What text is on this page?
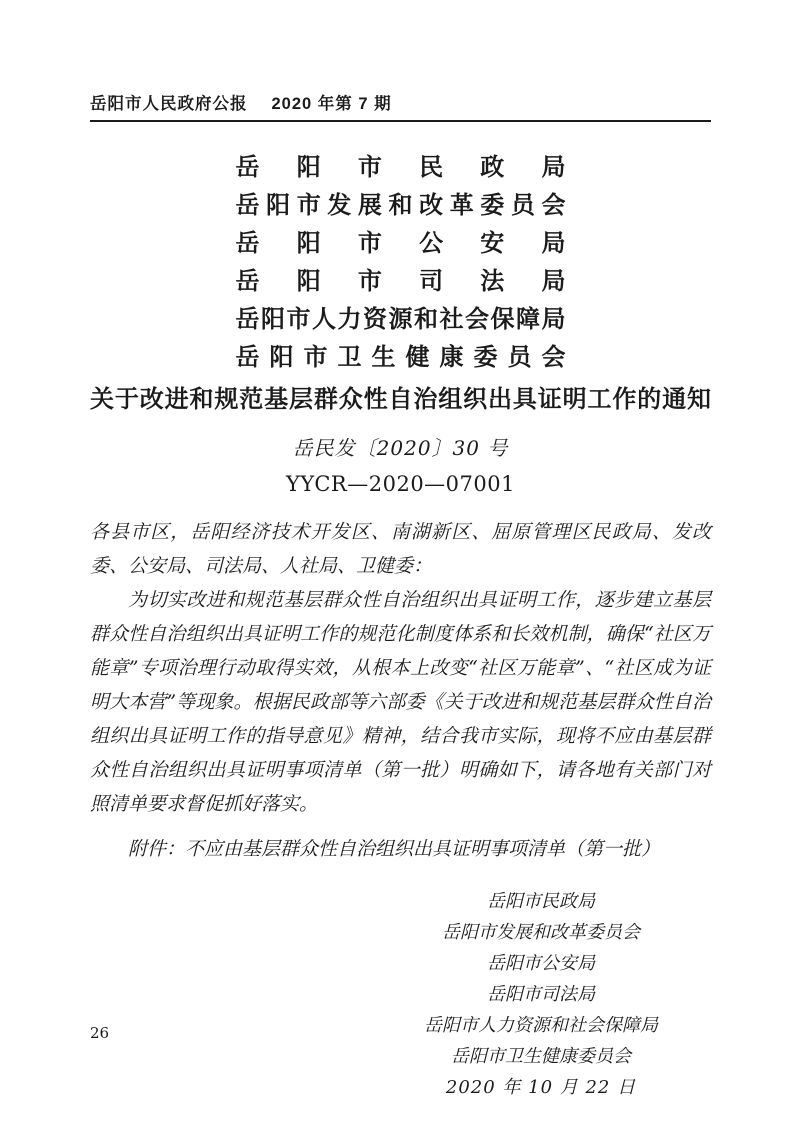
岳阳市人民政府公报 2020 年第 7 期
岳阳市民政局
岳阳市发展和改革委员会
岳阳市公安局
岳阳市司法局
岳阳市人力资源和社会保障局
岳阳市卫生健康委员会
关于改进和规范基层群众性自治组织出具证明工作的通知
岳民发〔2020〕30 号
YYCR—2020—07001
各县市区，岳阳经济技术开发区、南湖新区、屈原管理区民政局、发改委、公安局、司法局、人社局、卫健委：

为切实改进和规范基层群众性自治组织出具证明工作，逐步建立基层群众性自治组织出具证明工作的规范化制度体系和长效机制，确保“社区万能章”专项治理行动取得实效，从根本上改变“社区万能章”、“社区成为证明大本营”等现象。根据民政部等六部委《关于改进和规范基层群众性自治组织出具证明工作的指导意见》精神，结合我市实际，现将不应由基层群众性自治组织出具证明事项清单（第一批）明确如下，请各地有关部门对照清单要求督促抓好落实。

附件：不应由基层群众性自治组织出具证明事项清单（第一批）
岳阳市民政局
岳阳市发展和改革委员会
岳阳市公安局
岳阳市司法局
岳阳市人力资源和社会保障局
岳阳市卫生健康委员会
2020 年 10 月 22 日
26
